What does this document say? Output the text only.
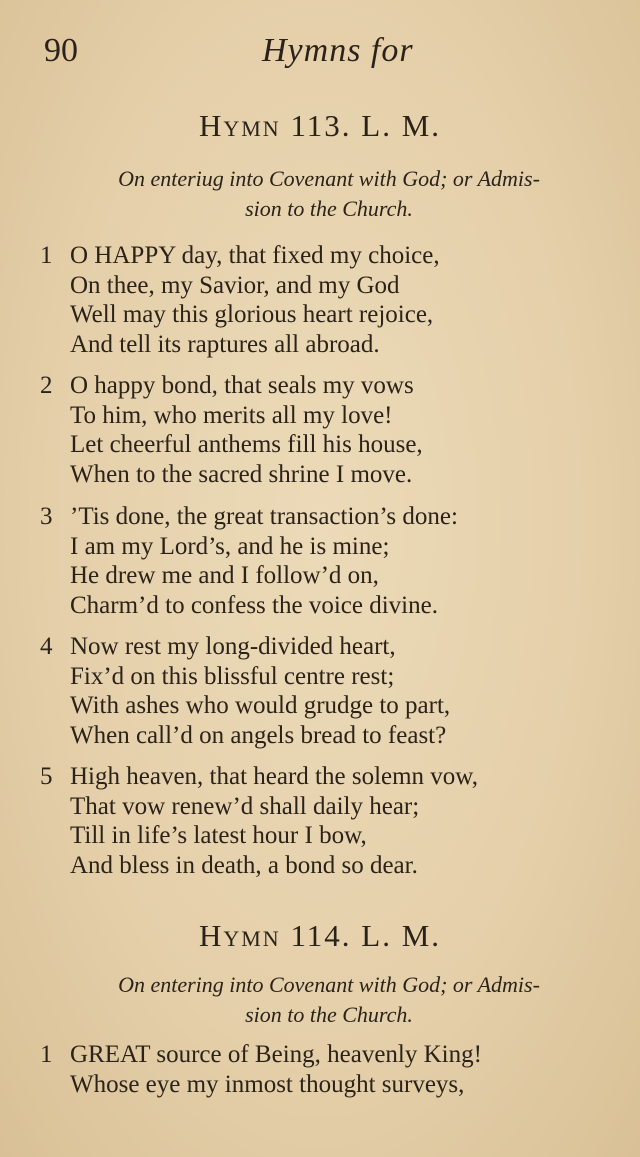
90	Hymns for
Hymn 113. L. M.
On enteriug into Covenant with God; or Admis-
sion to the Church.
1 O HAPPY day, that fixed my choice,
On thee, my Savior, and my God
Well may this glorious heart rejoice,
And tell its raptures all abroad.
2 O happy bond, that seals my vows
To him, who merits all my love!
Let cheerful anthems fill his house,
When to the sacred shrine I move.
3 ’Tis done, the great transaction’s done:
I am my Lord’s, and he is mine;
He drew me and I follow’d on,
Charm’d to confess the voice divine.
4 Now rest my long-divided heart,
Fix’d on this blissful centre rest;
With ashes who would grudge to part,
When call’d on angels bread to feast?
5 High heaven, that heard the solemn vow,
That vow renew’d shall daily hear;
Till in life’s latest hour I bow,
And bless in death, a bond so dear.
Hymn 114. L. M.
On entering into Covenant with God; or Admis-
sion to the Church.
1 GREAT source of Being, heavenly King!
Whose eye my inmost thought surveys,
